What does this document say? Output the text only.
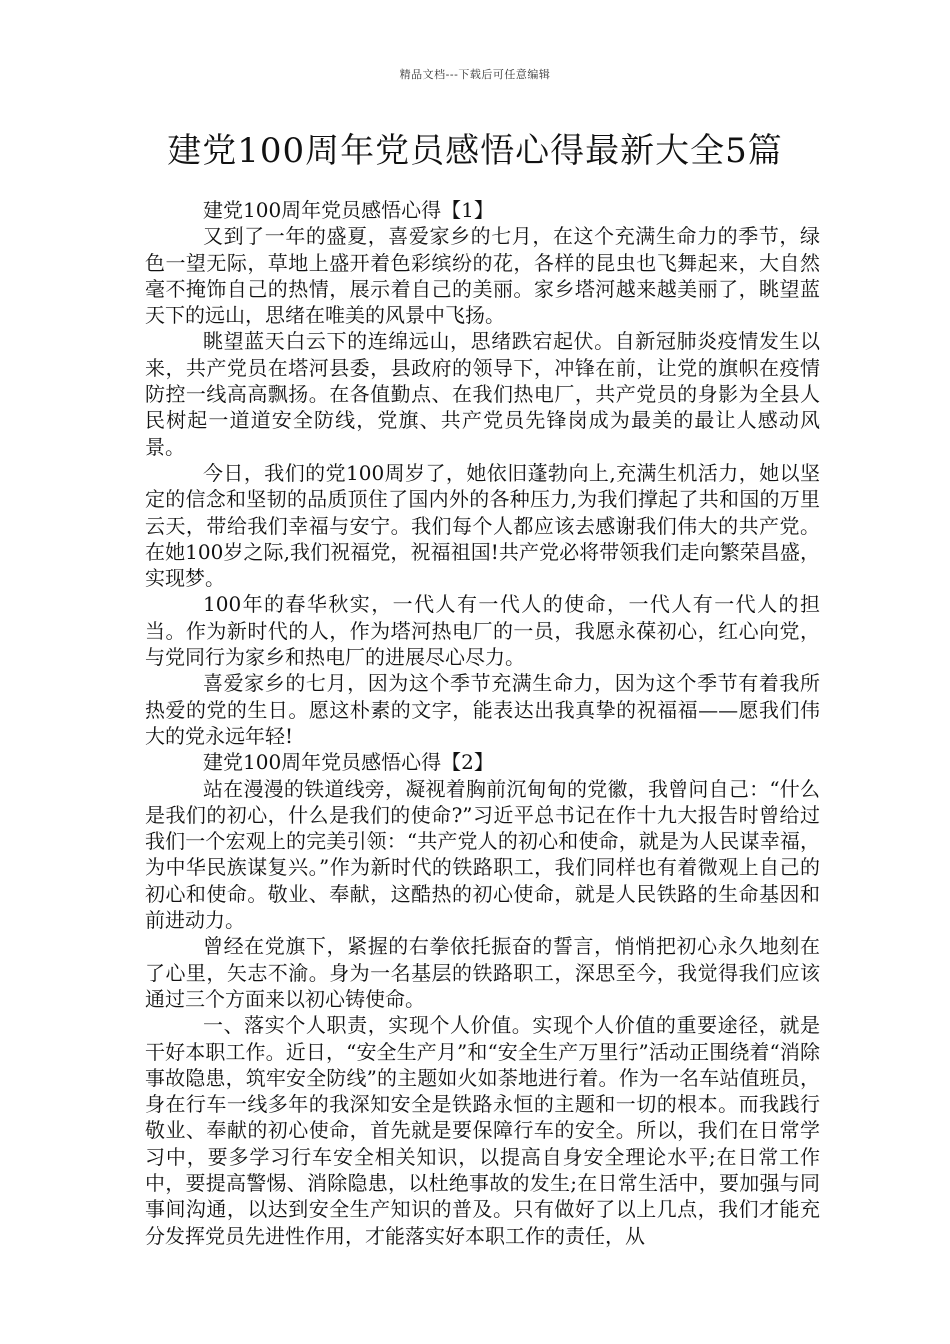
精品文档---下载后可任意编辑
建党100周年党员感悟心得最新大全5篇

建党100周年党员感悟心得【1】

又到了一年的盛夏，喜爱家乡的七月，在这个充满生命力的季节，绿色一望无际，草地上盛开着色彩缤纷的花，各样的昆虫也飞舞起来，大自然毫不掩饰自己的热情，展示着自己的美丽。家乡塔河越来越美丽了，眺望蓝天下的远山，思绪在唯美的风景中飞扬。

眺望蓝天白云下的连绵远山，思绪跌宕起伏。自新冠肺炎疫情发生以来，共产党员在塔河县委，县政府的领导下，冲锋在前，让党的旗帜在疫情防控一线高高飘扬。在各值勤点、在我们热电厂，共产党员的身影为全县人民树起一道道安全防线，党旗、共产党员先锋岗成为最美的最让人感动风景。

今日，我们的党100周岁了，她依旧蓬勃向上,充满生机活力，她以坚定的信念和坚韧的品质顶住了国内外的各种压力,为我们撑起了共和国的万里云天，带给我们幸福与安宁。我们每个人都应该去感谢我们伟大的共产党。在她100岁之际,我们祝福党，祝福祖国!共产党必将带领我们走向繁荣昌盛，实现梦。

100年的春华秋实，一代人有一代人的使命，一代人有一代人的担当。作为新时代的人，作为塔河热电厂的一员，我愿永葆初心，红心向党，与党同行为家乡和热电厂的进展尽心尽力。

喜爱家乡的七月，因为这个季节充满生命力，因为这个季节有着我所热爱的党的生日。愿这朴素的文字，能表达出我真挚的祝福福——愿我们伟大的党永远年轻!

建党100周年党员感悟心得【2】

站在漫漫的铁道线旁，凝视着胸前沉甸甸的党徽，我曾问自己：“什么是我们的初心，什么是我们的使命?”习近平总书记在作十九大报告时曾给过我们一个宏观上的完美引领：“共产党人的初心和使命，就是为人民谋幸福，为中华民族谋复兴。”作为新时代的铁路职工，我们同样也有着微观上自己的初心和使命。敬业、奉献，这酷热的初心使命，就是人民铁路的生命基因和前进动力。

曾经在党旗下，紧握的右拳依托振奋的誓言，悄悄把初心永久地刻在了心里，矢志不渝。身为一名基层的铁路职工，深思至今，我觉得我们应该通过三个方面来以初心铸使命。

一、落实个人职责，实现个人价值。实现个人价值的重要途径，就是干好本职工作。近日，“安全生产月”和“安全生产万里行”活动正围绕着“消除事故隐患，筑牢安全防线”的主题如火如荼地进行着。作为一名车站值班员，身在行车一线多年的我深知安全是铁路永恒的主题和一切的根本。而我践行敬业、奉献的初心使命，首先就是要保障行车的安全。所以，我们在日常学习中，要多学习行车安全相关知识，以提高自身安全理论水平;在日常工作中，要提高警惕、消除隐患，以杜绝事故的发生;在日常生活中，要加强与同事间沟通，以达到安全生产知识的普及。只有做好了以上几点，我们才能充分发挥党员先进性作用，才能落实好本职工作的责任，从
